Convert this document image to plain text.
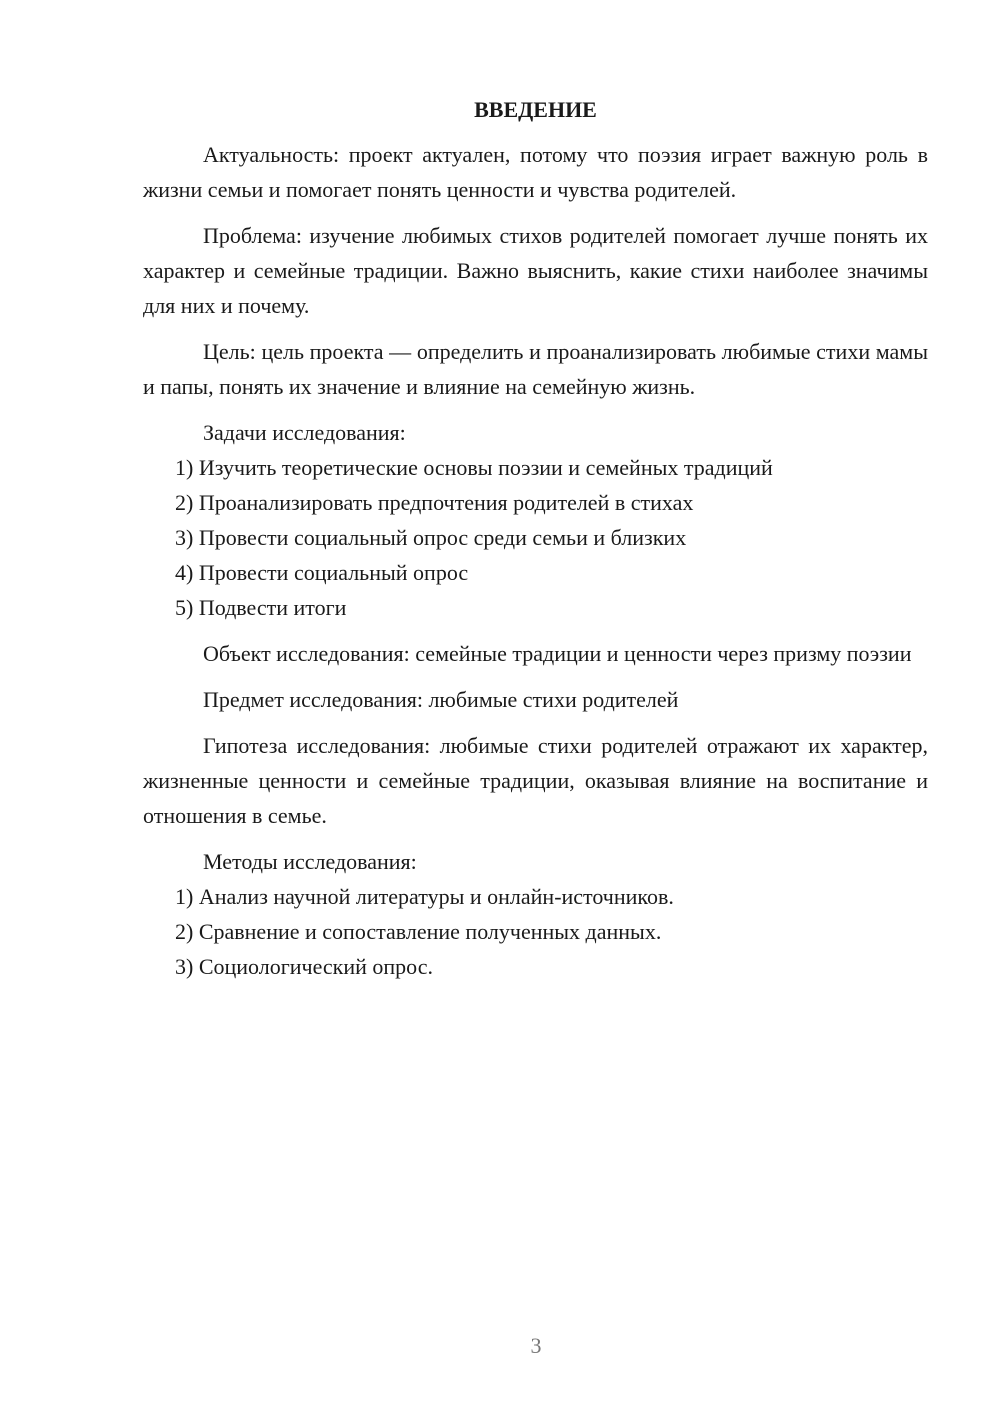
ВВЕДЕНИЕ

Актуальность: проект актуален, потому что поэзия играет важную роль в жизни семьи и помогает понять ценности и чувства родителей.

Проблема: изучение любимых стихов родителей помогает лучше понять их характер и семейные традиции. Важно выяснить, какие стихи наиболее значимы для них и почему.

Цель: цель проекта — определить и проанализировать любимые стихи мамы и папы, понять их значение и влияние на семейную жизнь.

Задачи исследования:

1) Изучить теоретические основы поэзии и семейных традиций

2) Проанализировать предпочтения родителей в стихах

3) Провести социальный опрос среди семьи и близких

4) Провести социальный опрос

5) Подвести итоги

Объект исследования: семейные традиции и ценности через призму поэзии

Предмет исследования: любимые стихи родителей

Гипотеза исследования: любимые стихи родителей отражают их характер, жизненные ценности и семейные традиции, оказывая влияние на воспитание и отношения в семье.

Методы исследования:

1) Анализ научной литературы и онлайн-источников.

2) Сравнение и сопоставление полученных данных.

3) Социологический опрос.

3
